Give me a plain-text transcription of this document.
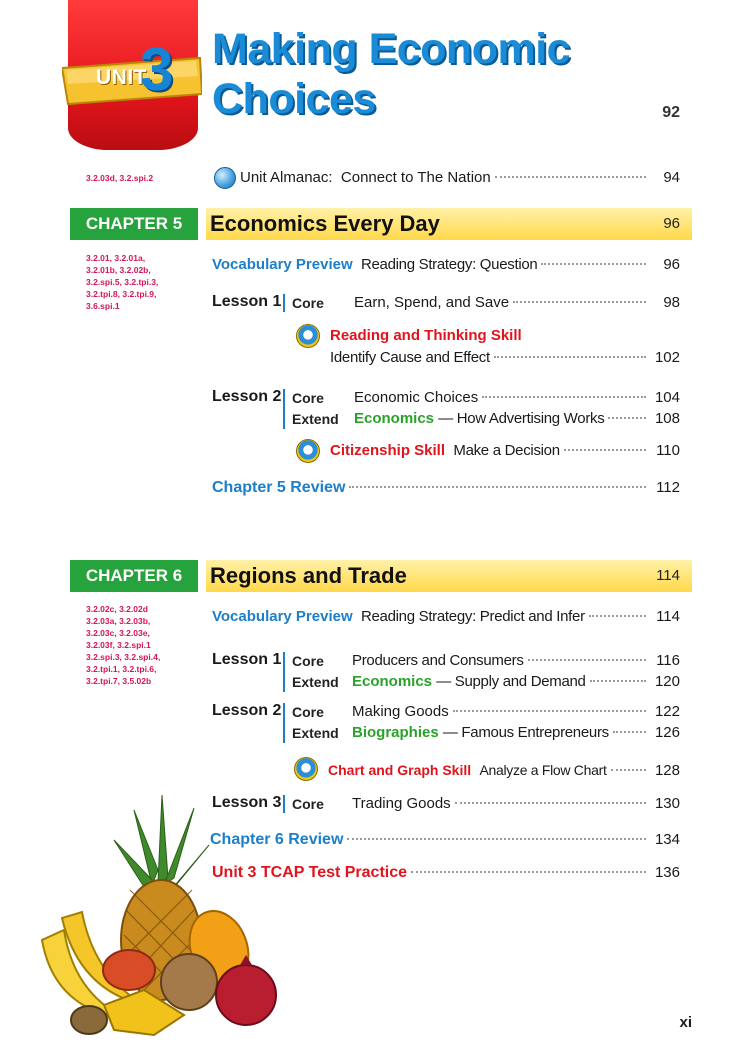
UNIT
3 Making Economic
Choices	92
3.2.03d, 3.2.spi.2	Unit Almanac:
Connect to The Nation	94
CHAPTER 5	Economics Every Day	96
3.2.01, 3.2.01a,
3.2.01b, 3.2.02b,
3.2.spi.5, 3.2.tpi.3,
3.2.tpi.8, 3.2.tpi.9,
3.6.spi.1
Vocabulary Preview
Reading Strategy: Question	96
Lesson 1 Core Earn, Spend, and Save	98
Reading and Thinking Skill
Identify Cause and Effect	102
Lesson 2 Core Economic Choices	104
Extend Economics
— How Advertising Works	108
Citizenship Skill
Make a Decision	110
Chapter 5 Review	112
CHAPTER 6	Regions and Trade	114
3.2.02c, 3.2.02d
3.2.03a, 3.2.03b,
3.2.03c, 3.2.03e,
3.2.03f, 3.2.spi.1
3.2.spi.3, 3.2.spi.4,
3.2.tpi.1, 3.2.tpi.6,
3.2.tpi.7, 3.5.02b
Vocabulary Preview
Reading Strategy: Predict and Infer	114
Lesson 1 Core Producers and Consumers	116
Extend Economics
— Supply and Demand	120
Lesson 2 Core Making Goods	122
Extend Biographies
— Famous Entrepreneurs	126
Chart and Graph Skill
Analyze a Flow Chart	128
Lesson 3 Core Trading Goods	130
Chapter 6 Review	134
Unit 3 TCAP Test Practice	136
xi
